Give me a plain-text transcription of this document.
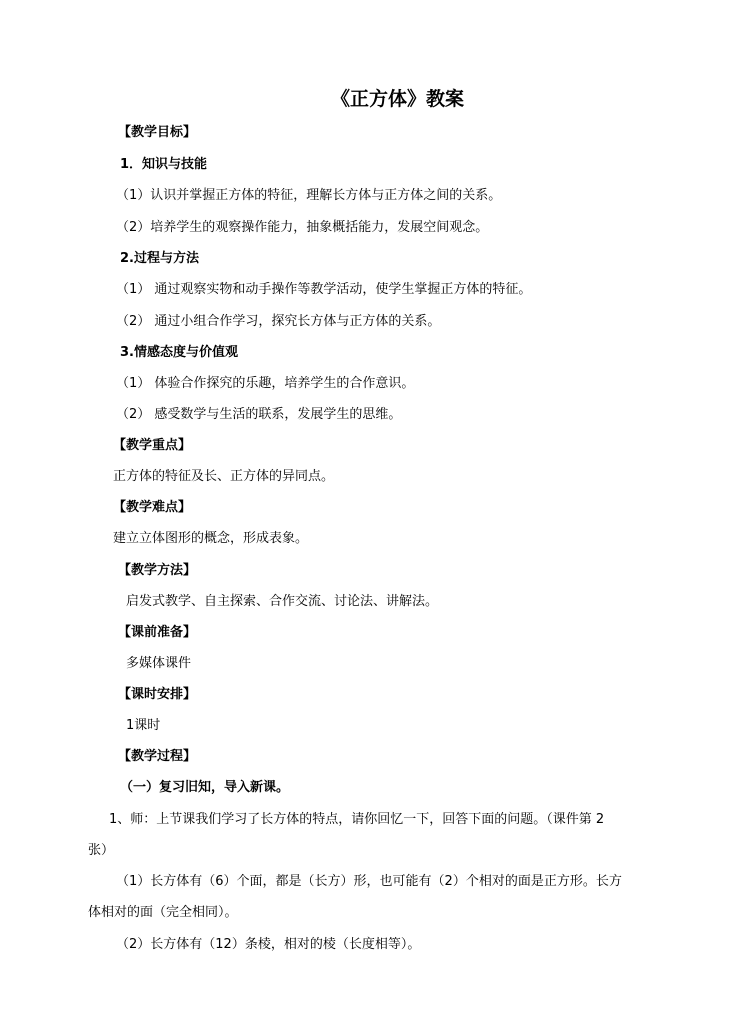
《正方体》教案
【教学目标】
1．知识与技能
（1）认识并掌握正方体的特征，理解长方体与正方体之间的关系。
（2）培养学生的观察操作能力，抽象概括能力，发展空间观念。
2.过程与方法
（1） 通过观察实物和动手操作等教学活动，使学生掌握正方体的特征。
（2） 通过小组合作学习，探究长方体与正方体的关系。
3.情感态度与价值观
（1） 体验合作探究的乐趣，培养学生的合作意识。
（2） 感受数学与生活的联系，发展学生的思维。
【教学重点】
正方体的特征及长、正方体的异同点。
【教学难点】
建立立体图形的概念，形成表象。
【教学方法】
启发式教学、自主探索、合作交流、讨论法、讲解法。
【课前准备】
多媒体课件
【课时安排】
1课时
【教学过程】
（一）复习旧知，导入新课。
1、师：上节课我们学习了长方体的特点，请你回忆一下，回答下面的问题。（课件第 2
张）
（1）长方体有（6）个面，都是（长方）形，也可能有（2）个相对的面是正方形。长方
体相对的面（完全相同）。
（2）长方体有（12）条棱，相对的棱（长度相等）。
